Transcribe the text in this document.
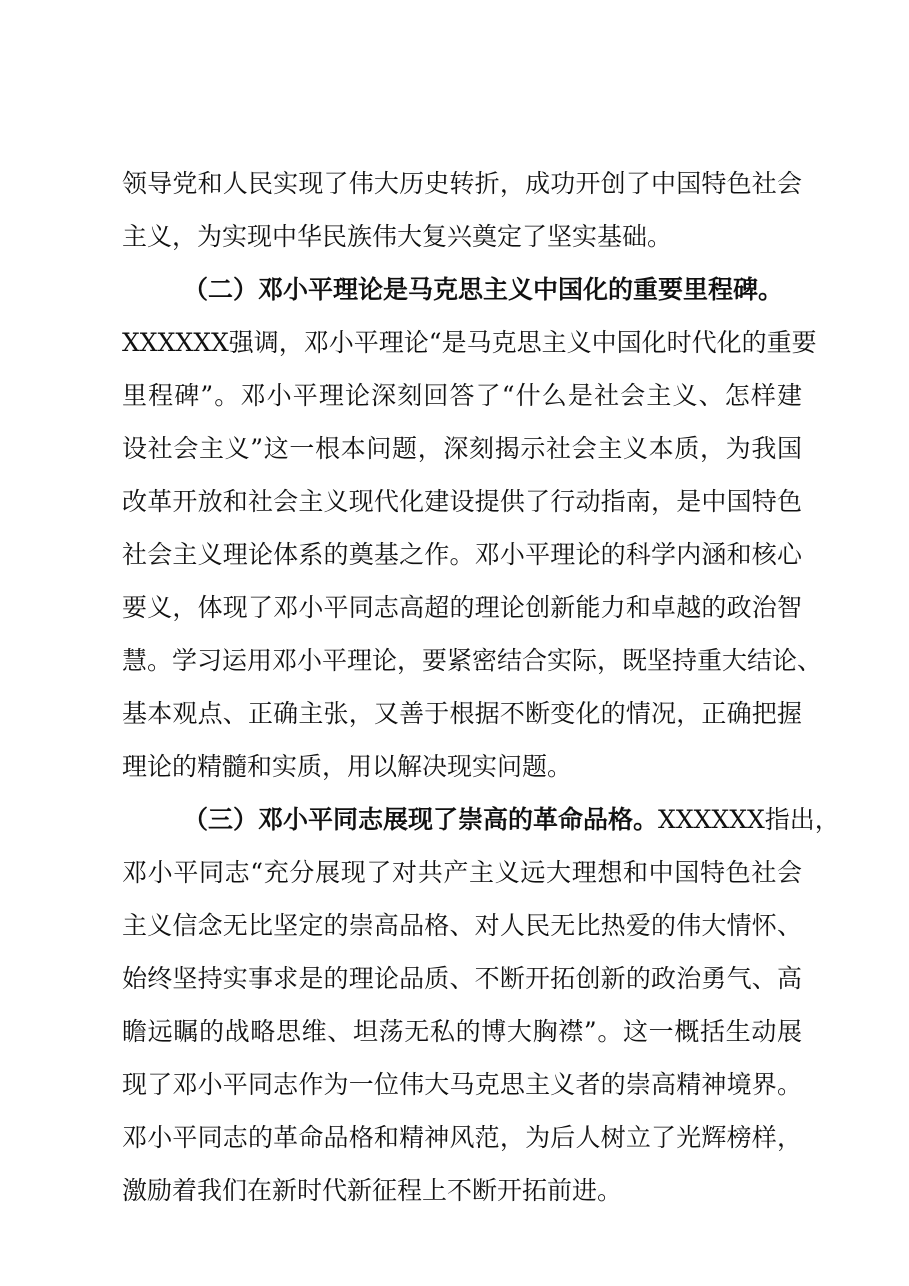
领导党和人民实现了伟大历史转折，成功开创了中国特色社会
主义，为实现中华民族伟大复兴奠定了坚实基础。
（二）邓小平理论是马克思主义中国化的重要里程碑。
XXXXXX强调，邓小平理论“是马克思主义中国化时代化的重要
里程碑”。邓小平理论深刻回答了“什么是社会主义、怎样建
设社会主义”这一根本问题，深刻揭示社会主义本质，为我国
改革开放和社会主义现代化建设提供了行动指南，是中国特色
社会主义理论体系的奠基之作。邓小平理论的科学内涵和核心
要义，体现了邓小平同志高超的理论创新能力和卓越的政治智
慧。学习运用邓小平理论，要紧密结合实际，既坚持重大结论、
基本观点、正确主张，又善于根据不断变化的情况，正确把握
理论的精髓和实质，用以解决现实问题。
（三）邓小平同志展现了崇高的革命品格。XXXXXX指出，
邓小平同志“充分展现了对共产主义远大理想和中国特色社会
主义信念无比坚定的崇高品格、对人民无比热爱的伟大情怀、
始终坚持实事求是的理论品质、不断开拓创新的政治勇气、高
瞻远瞩的战略思维、坦荡无私的博大胸襟”。这一概括生动展
现了邓小平同志作为一位伟大马克思主义者的崇高精神境界。
邓小平同志的革命品格和精神风范，为后人树立了光辉榜样，
激励着我们在新时代新征程上不断开拓前进。
